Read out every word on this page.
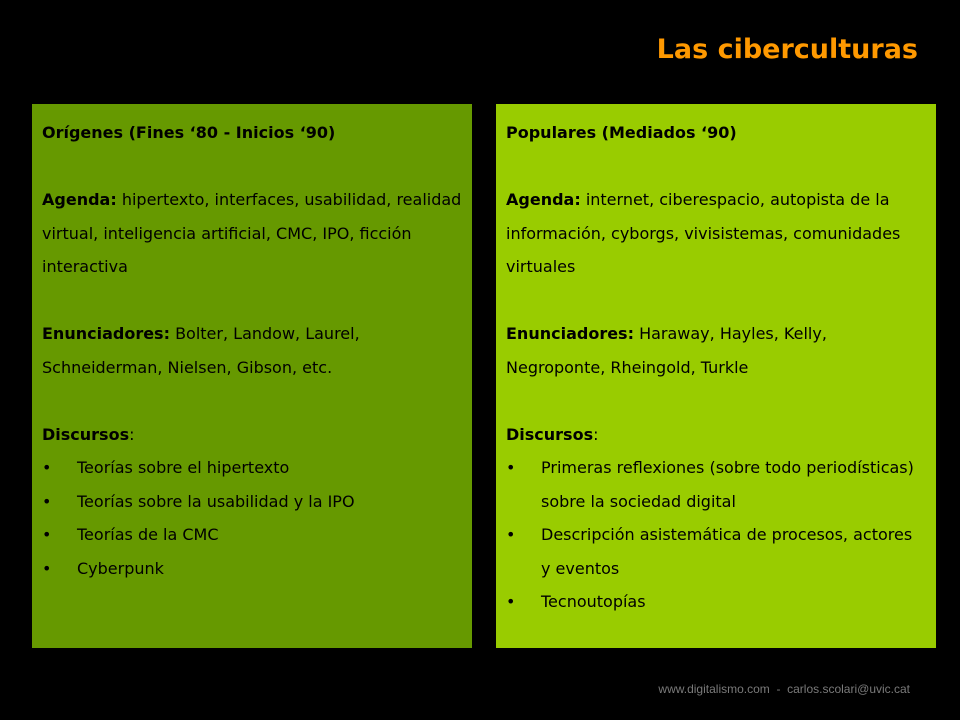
Las ciberculturas
Orígenes (Fines ‘80 - Inicios ‘90)

Agenda: hipertexto, interfaces, usabilidad, realidad virtual, inteligencia artificial, CMC, IPO, ficción interactiva

Enunciadores: Bolter, Landow, Laurel, Schneiderman, Nielsen, Gibson, etc.

Discursos:

• Teorías sobre el hipertexto
• Teorías sobre la usabilidad y la IPO
• Teorías de la CMC
• Cyberpunk
Populares (Mediados ‘90)

Agenda: internet, ciberespacio, autopista de la información, cyborgs, vivisistemas, comunidades virtuales

Enunciadores: Haraway, Hayles, Kelly, Negroponte, Rheingold, Turkle

Discursos:

• Primeras reflexiones (sobre todo periodísticas) sobre la sociedad digital
• Descripción asistemática de procesos, actores y eventos
• Tecnoutopías
www.digitalismo.com  -  carlos.scolari@uvic.cat
